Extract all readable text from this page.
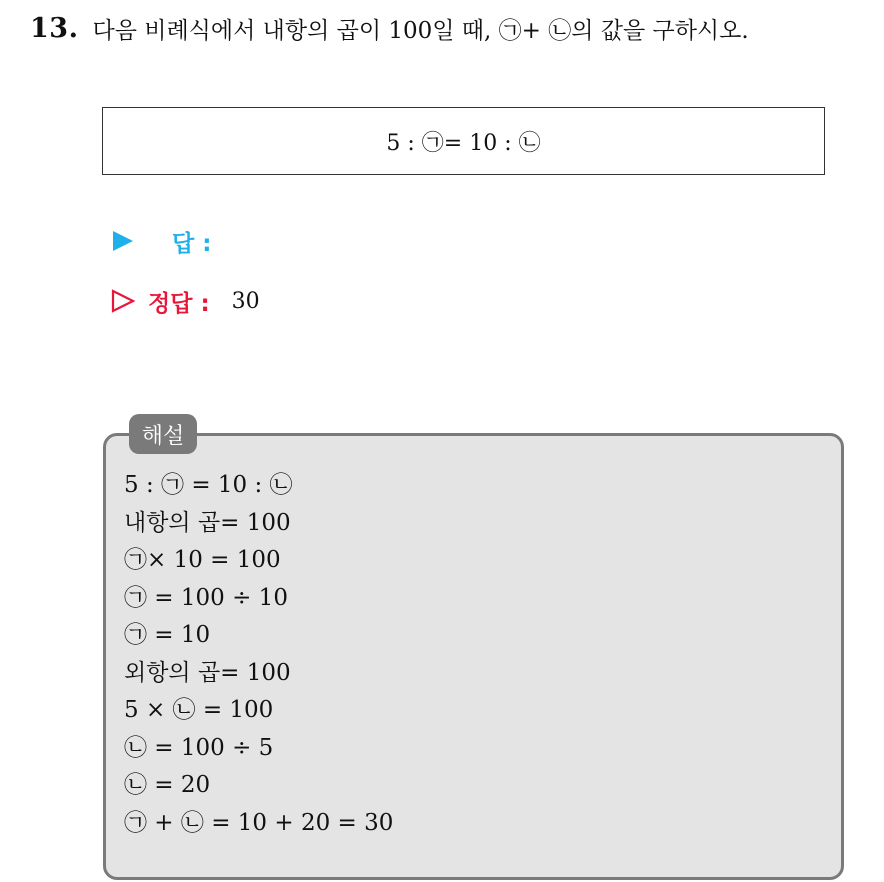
13. 다음 비례식에서 내항의 곱이 100일 때, ㉠+ ㉡의 값을 구하시오.
5 : ㉠= 10 : ㉡
답 :
정답 : 30
해설
5 : ㉠ = 10 : ㉡
내항의 곱= 100
㉠× 10 = 100
㉠ = 100 ÷ 10
㉠ = 10
외항의 곱= 100
5 × ㉡ = 100
㉡ = 100 ÷ 5
㉡ = 20
㉠ + ㉡ = 10 + 20 = 30
